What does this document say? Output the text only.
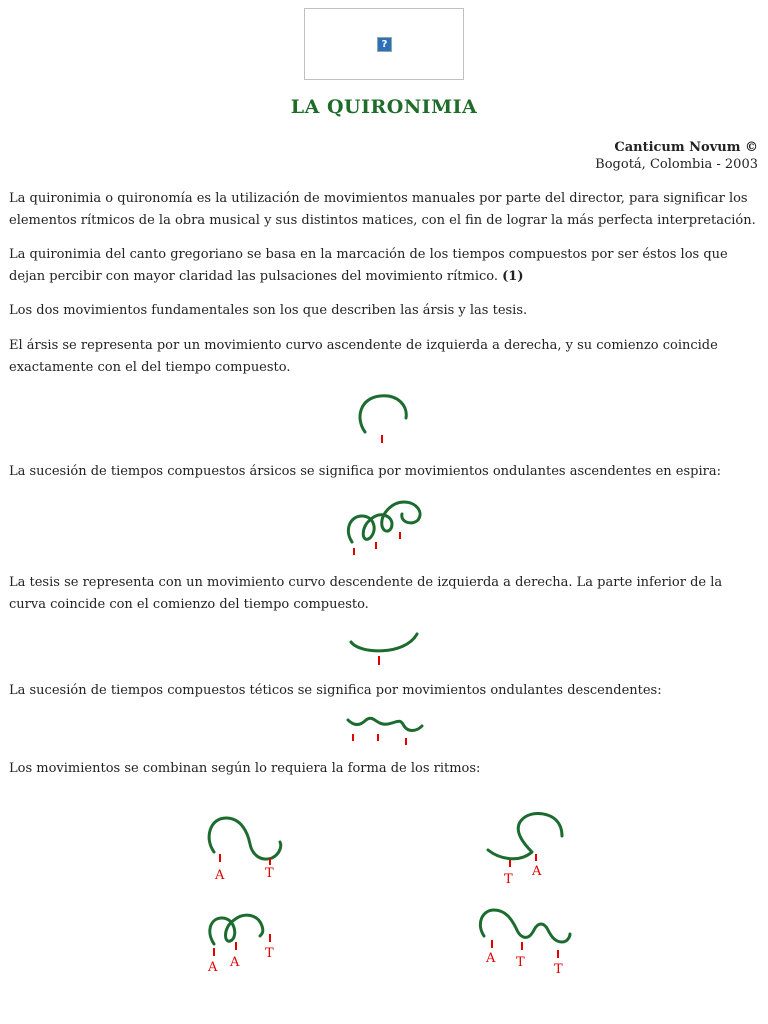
?
LA QUIRONIMIA
Canticum Novum ©
Bogotá, Colombia - 2003

La quironimia o quironomía es la utilización de movimientos manuales por parte del director, para significar los elementos rítmicos de la obra musical y sus distintos matices, con el fin de lograr la más perfecta interpretación.

La quironimia del canto gregoriano se basa en la marcación de los tiempos compuestos por ser éstos los que dejan percibir con mayor claridad las pulsaciones del movimiento rítmico. (1)

Los dos movimientos fundamentales son los que describen las ársis y las tesis.

El ársis se representa por un movimiento curvo ascendente de izquierda a derecha, y su comienzo coincide exactamente con el del tiempo compuesto.

La sucesión de tiempos compuestos ársicos se significa por movimientos ondulantes ascendentes en espira:

La tesis se representa con un movimiento curvo descendente de izquierda a derecha. La parte inferior de la curva coincide con el comienzo del tiempo compuesto.

La sucesión de tiempos compuestos téticos se significa por movimientos ondulantes descendentes:

Los movimientos se combinan según lo requiera la forma de los ritmos:

A	T	T
A
A A
T	A T T
